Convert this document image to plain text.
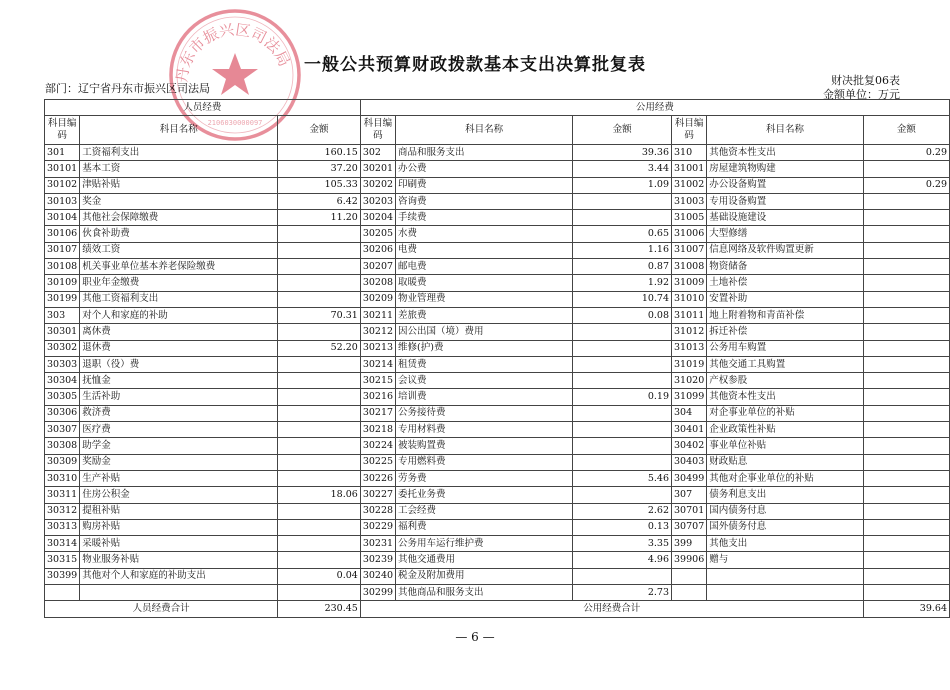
丹东市振兴区司法局
2106030000097
一般公共预算财政拨款基本支出决算批复表
部门：辽宁省丹东市振兴区司法局
财决批复06表
金额单位：万元
人员经费			公用经费					
科目编码	科目名称	金额	科目编码	科目名称	金额	科目编码	科目名称	金额
301	工资福利支出	160.15	302	商品和服务支出	39.36	310	其他资本性支出	0.29
30101	基本工资	37.20	30201	办公费	3.44	31001	房屋建筑物购建	
30102	津贴补贴	105.33	30202	印刷费	1.09	31002	办公设备购置	0.29
30103	奖金	6.42	30203	咨询费		31003	专用设备购置	
30104	其他社会保障缴费	11.20	30204	手续费		31005	基础设施建设	
30106	伙食补助费		30205	水费	0.65	31006	大型修缮	
30107	绩效工资		30206	电费	1.16	31007	信息网络及软件购置更新	
30108	机关事业单位基本养老保险缴费		30207	邮电费	0.87	31008	物资储备	
30109	职业年金缴费		30208	取暖费	1.92	31009	土地补偿	
30199	其他工资福利支出		30209	物业管理费	10.74	31010	安置补助	
303	对个人和家庭的补助	70.31	30211	差旅费	0.08	31011	地上附着物和青苗补偿	
30301	离休费		30212	因公出国（境）费用		31012	拆迁补偿	
30302	退休费	52.20	30213	维修(护)费		31013	公务用车购置	
30303	退职（役）费		30214	租赁费		31019	其他交通工具购置	
30304	抚恤金		30215	会议费		31020	产权参股	
30305	生活补助		30216	培训费	0.19	31099	其他资本性支出	
30306	救济费		30217	公务接待费		304	对企事业单位的补贴	
30307	医疗费		30218	专用材料费		30401	企业政策性补贴	
30308	助学金		30224	被装购置费		30402	事业单位补贴	
30309	奖励金		30225	专用燃料费		30403	财政贴息	
30310	生产补贴		30226	劳务费	5.46	30499	其他对企事业单位的补贴	
30311	住房公积金	18.06	30227	委托业务费		307	债务利息支出	
30312	提租补贴		30228	工会经费	2.62	30701	国内债务付息	
30313	购房补贴		30229	福利费	0.13	30707	国外债务付息	
30314	采暖补贴		30231	公务用车运行维护费	3.35	399	其他支出	
30315	物业服务补贴		30239	其他交通费用	4.96	39906	赠与	
30399	其他对个人和家庭的补助支出	0.04	30240	税金及附加费用				
			30299	其他商品和服务支出	2.73			
人员经费合计		230.45	公用经费合计					39.64
— 6 —
